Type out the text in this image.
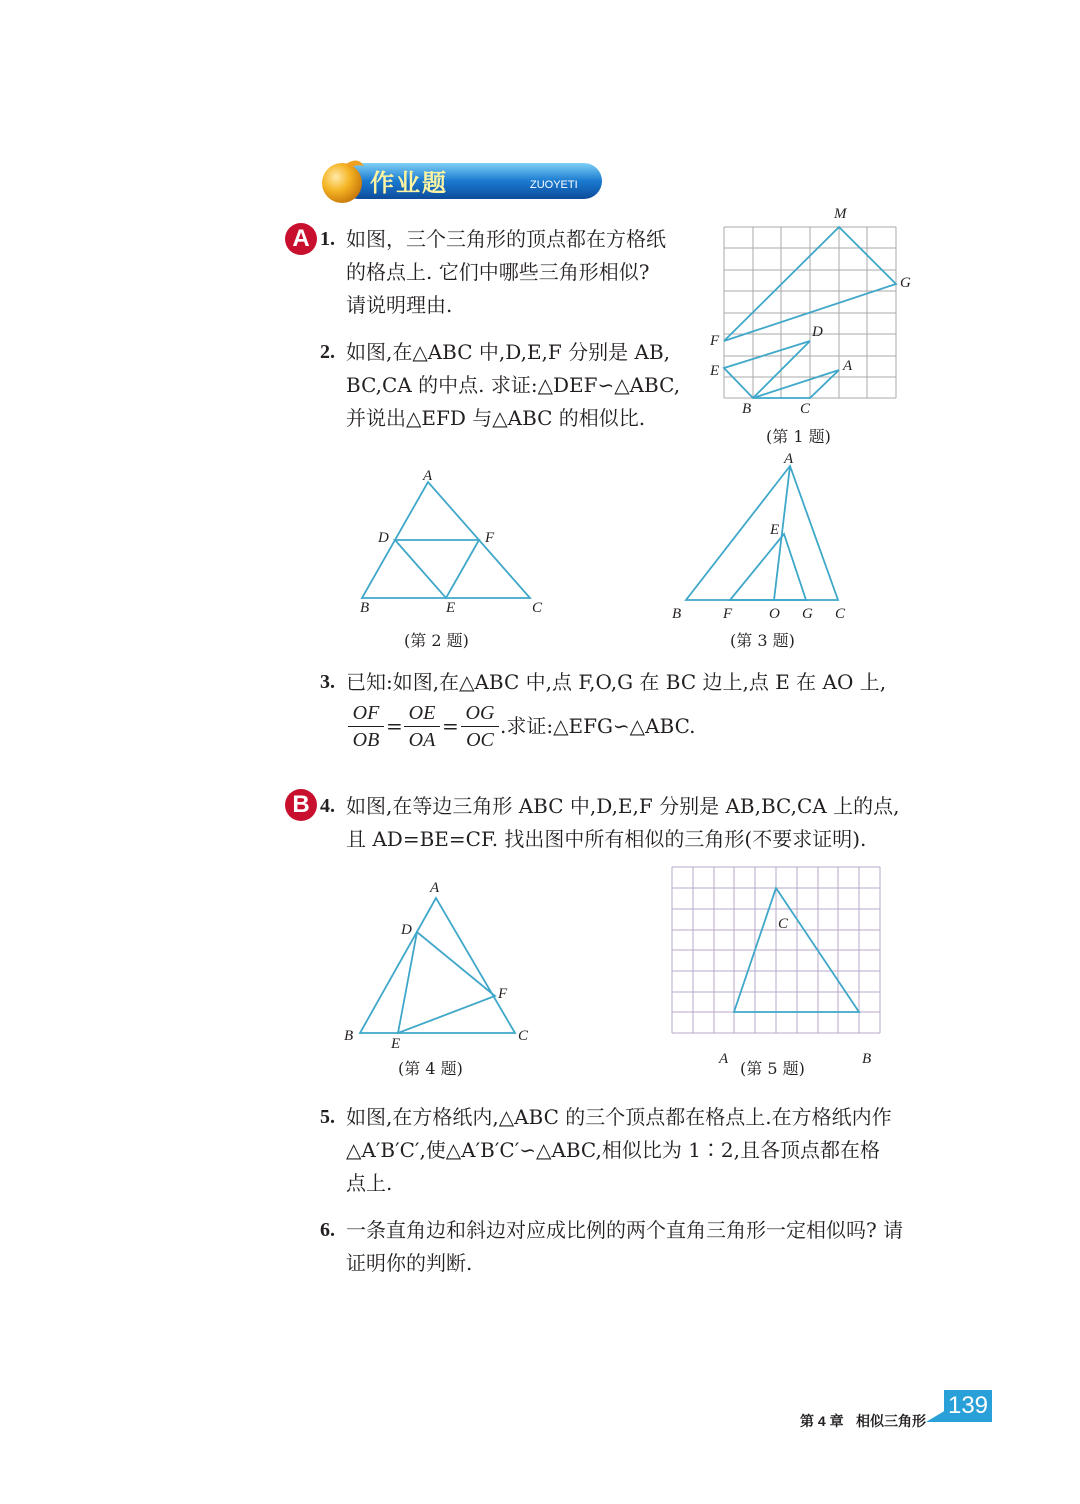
作业题	ZUOYETI
A 1. 如图，三个三角形的顶点都在方格纸
的格点上. 它们中哪些三角形相似?
请说明理由.
2. 如图,在△ABC 中,D,E,F 分别是 AB,
BC,CA 的中点. 求证:△DEF∽△ABC,
并说出△EFD 与△ABC 的相似比.
M
G
F
D
E	A
B	C
(第 1 题)
A
D	F
B	E	C
(第 2 题)
A
E
B	F O G C
(第 3 题)
3. 已知:如图,在△ABC 中,点 F,O,G 在 BC 边上,点 E 在 AO 上,
$\frac{OF}{OB} = \frac{OE}{OA} = \frac{OG}{OC}$ .求证:△EFG∽△ABC.
B 4. 如图,在等边三角形 ABC 中,D,E,F 分别是 AB,BC,CA 上的点,
且 AD=BE=CF. 找出图中所有相似的三角形(不要求证明).
A
D
F
B	E	C
(第 4 题)
C
A	B
(第 5 题)
5. 如图,在方格纸内,△ABC 的三个顶点都在格点上.在方格纸内作
△A′B′C′,使△A′B′C′∽△ABC,相似比为 1∶2,且各顶点都在格
点上.
6. 一条直角边和斜边对应成比例的两个直角三角形一定相似吗? 请
证明你的判断.
第 4 章 相似三角形
139
